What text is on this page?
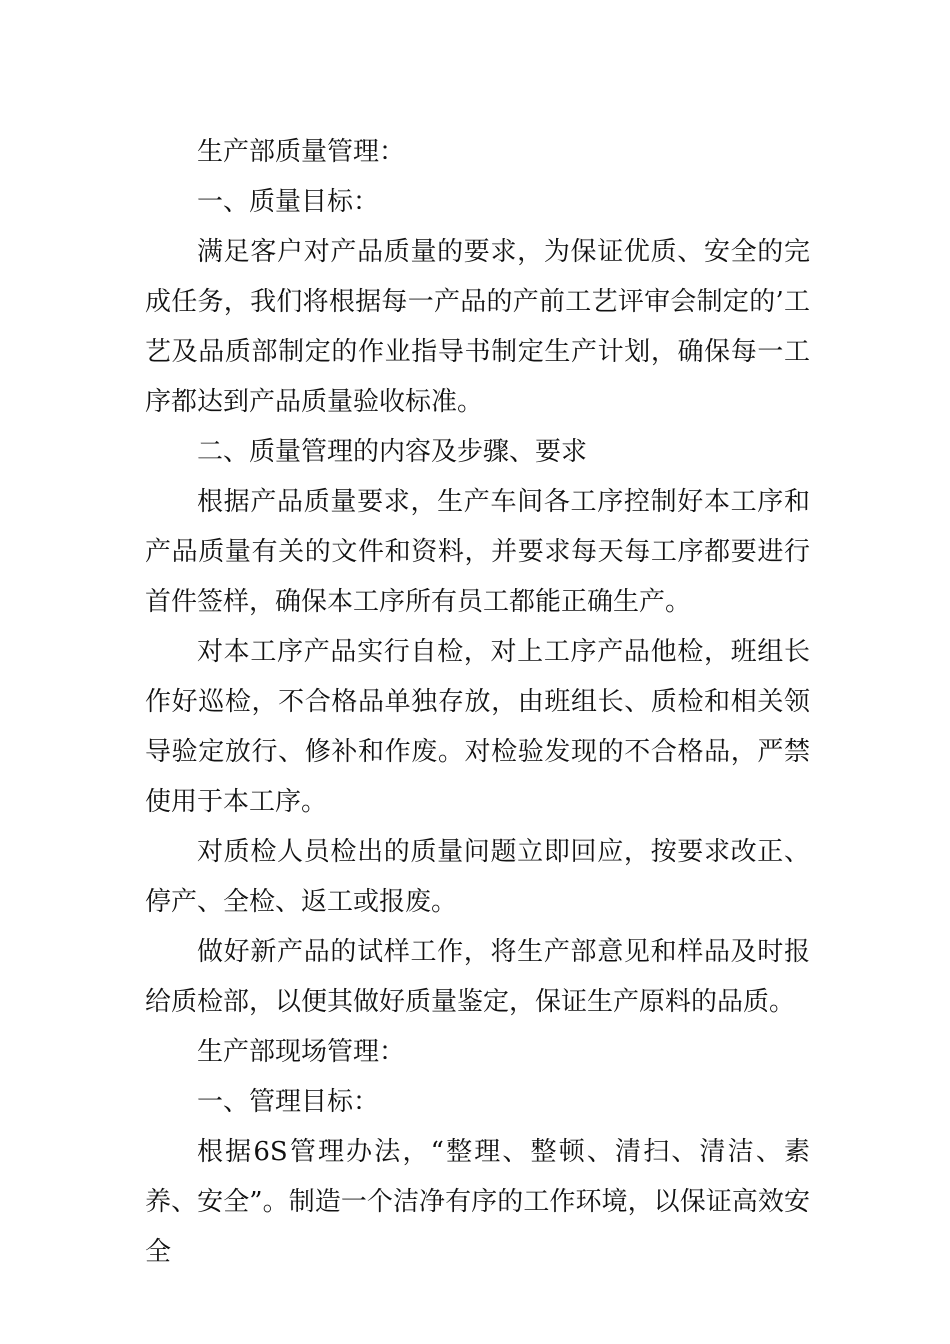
生产部质量管理：

一、质量目标：

满足客户对产品质量的要求，为保证优质、安全的完成任务，我们将根据每一产品的产前工艺评审会制定的’工艺及品质部制定的作业指导书制定生产计划，确保每一工序都达到产品质量验收标准。

二、质量管理的内容及步骤、要求

根据产品质量要求，生产车间各工序控制好本工序和产品质量有关的文件和资料，并要求每天每工序都要进行首件签样，确保本工序所有员工都能正确生产。

对本工序产品实行自检，对上工序产品他检，班组长作好巡检，不合格品单独存放，由班组长、质检和相关领导验定放行、修补和作废。对检验发现的不合格品，严禁使用于本工序。

对质检人员检出的质量问题立即回应，按要求改正、停产、全检、返工或报废。

做好新产品的试样工作，将生产部意见和样品及时报给质检部，以便其做好质量鉴定，保证生产原料的品质。

生产部现场管理：

一、管理目标：

根据6S管理办法，“整理、整顿、清扫、清洁、素养、安全”。制造一个洁净有序的工作环境，以保证高效安全
